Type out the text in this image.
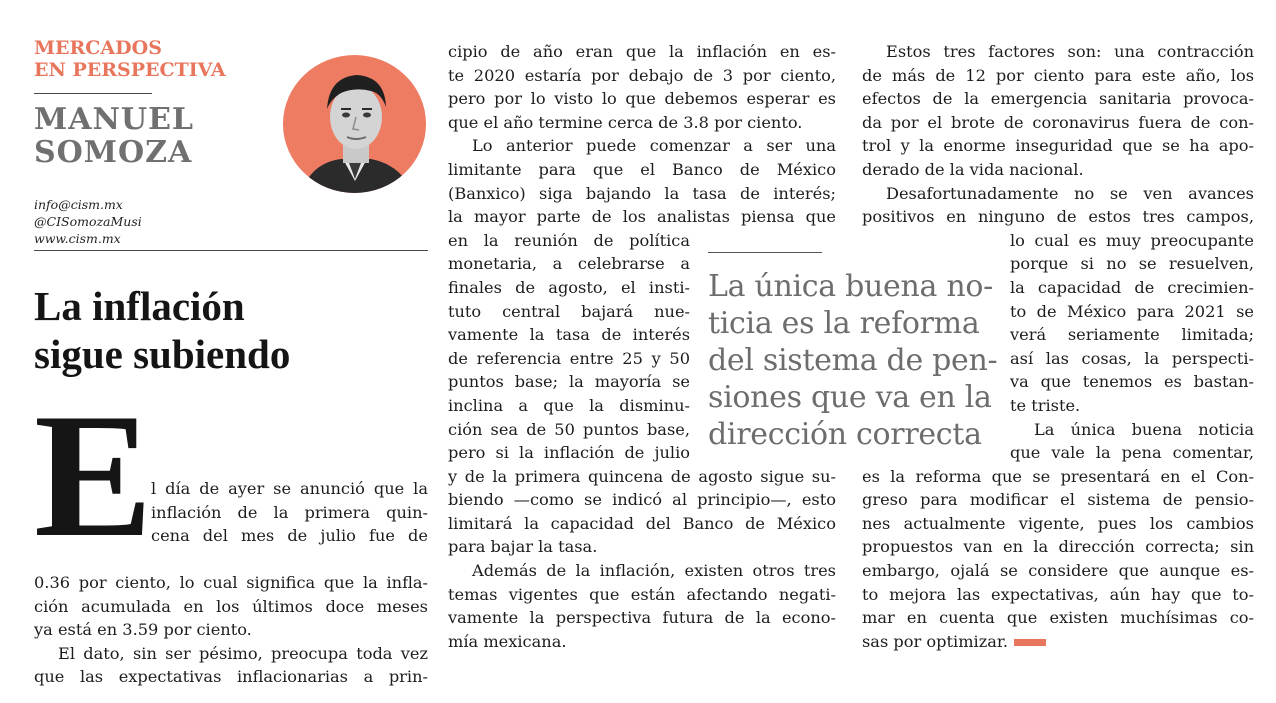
MERCADOS
EN PERSPECTIVA
MANUEL
SOMOZA
info@cism.mx
@CISomozaMusi
www.cism.mx
La inflación
sigue subiendo
E
l día de ayer se anunció que la
inflación de la primera quin-
cena del mes de julio fue de
0.36 por ciento, lo cual significa que la infla-
ción acumulada en los últimos doce meses
ya está en 3.59 por ciento.
El dato, sin ser pésimo, preocupa toda vez
que las expectativas inflacionarias a prin-
cipio de año eran que la inflación en es-
te 2020 estaría por debajo de 3 por ciento,
pero por lo visto lo que debemos esperar es
que el año termine cerca de 3.8 por ciento.
Lo anterior puede comenzar a ser una
limitante para que el Banco de México
(Banxico) siga bajando la tasa de interés;
la mayor parte de los analistas piensa que
en la reunión de política
monetaria, a celebrarse a
finales de agosto, el insti-
tuto central bajará nue-
vamente la tasa de interés
de referencia entre 25 y 50
puntos base; la mayoría se
inclina a que la disminu-
ción sea de 50 puntos base,
pero si la inflación de julio
y de la primera quincena de agosto sigue su-
biendo —como se indicó al principio—, esto
limitará la capacidad del Banco de México
para bajar la tasa.
Además de la inflación, existen otros tres
temas vigentes que están afectando negati-
vamente la perspectiva futura de la econo-
mía mexicana.
La única buena no-
ticia es la reforma
del sistema de pen-
siones que va en la
dirección correcta
Estos tres factores son: una contracción
de más de 12 por ciento para este año, los
efectos de la emergencia sanitaria provoca-
da por el brote de coronavirus fuera de con-
trol y la enorme inseguridad que se ha apo-
derado de la vida nacional.
Desafortunadamente no se ven avances
positivos en ninguno de estos tres campos,
lo cual es muy preocupante
porque si no se resuelven,
la capacidad de crecimien-
to de México para 2021 se
verá seriamente limitada;
así las cosas, la perspecti-
va que tenemos es bastan-
te triste.
La única buena noticia
que vale la pena comentar,
es la reforma que se presentará en el Con-
greso para modificar el sistema de pensio-
nes actualmente vigente, pues los cambios
propuestos van en la dirección correcta; sin
embargo, ojalá se considere que aunque es-
to mejora las expectativas, aún hay que to-
mar en cuenta que existen muchísimas co-
sas por optimizar.
